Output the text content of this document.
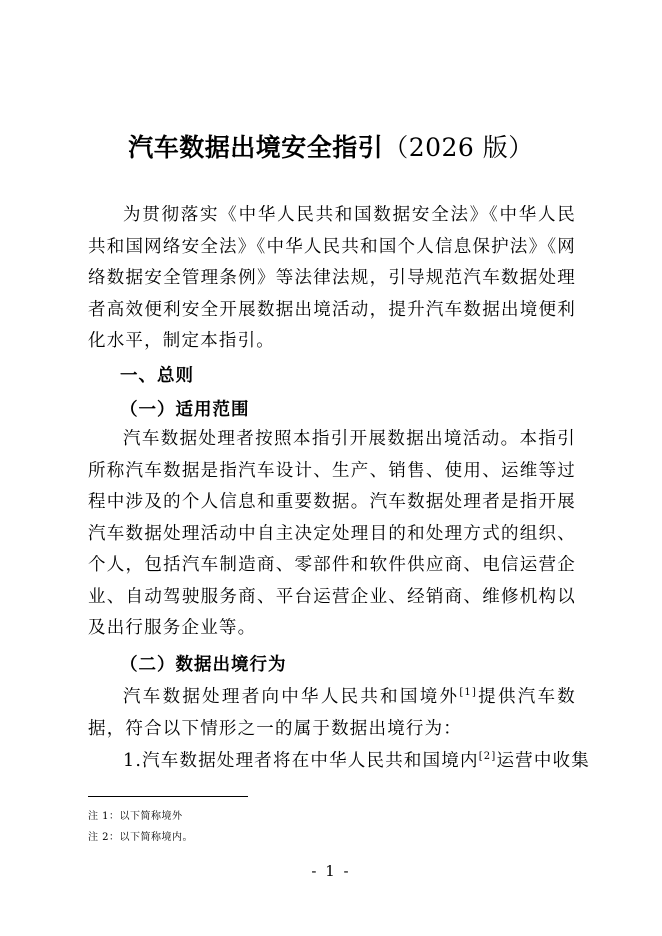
汽车数据出境安全指引（2026 版）
为贯彻落实《中华人民共和国数据安全法》《中华人民共和国网络安全法》《中华人民共和国个人信息保护法》《网络数据安全管理条例》等法律法规，引导规范汽车数据处理者高效便利安全开展数据出境活动，提升汽车数据出境便利化水平，制定本指引。
一、总则
（一）适用范围
汽车数据处理者按照本指引开展数据出境活动。本指引所称汽车数据是指汽车设计、生产、销售、使用、运维等过程中涉及的个人信息和重要数据。汽车数据处理者是指开展汽车数据处理活动中自主决定处理目的和处理方式的组织、个人，包括汽车制造商、零部件和软件供应商、电信运营企业、自动驾驶服务商、平台运营企业、经销商、维修机构以及出行服务企业等。
（二）数据出境行为
汽车数据处理者向中华人民共和国境外[1]提供汽车数据，符合以下情形之一的属于数据出境行为：
1.汽车数据处理者将在中华人民共和国境内[2]运营中收集
注 1：以下简称境外
注 2：以下简称境内。
- 1 -
